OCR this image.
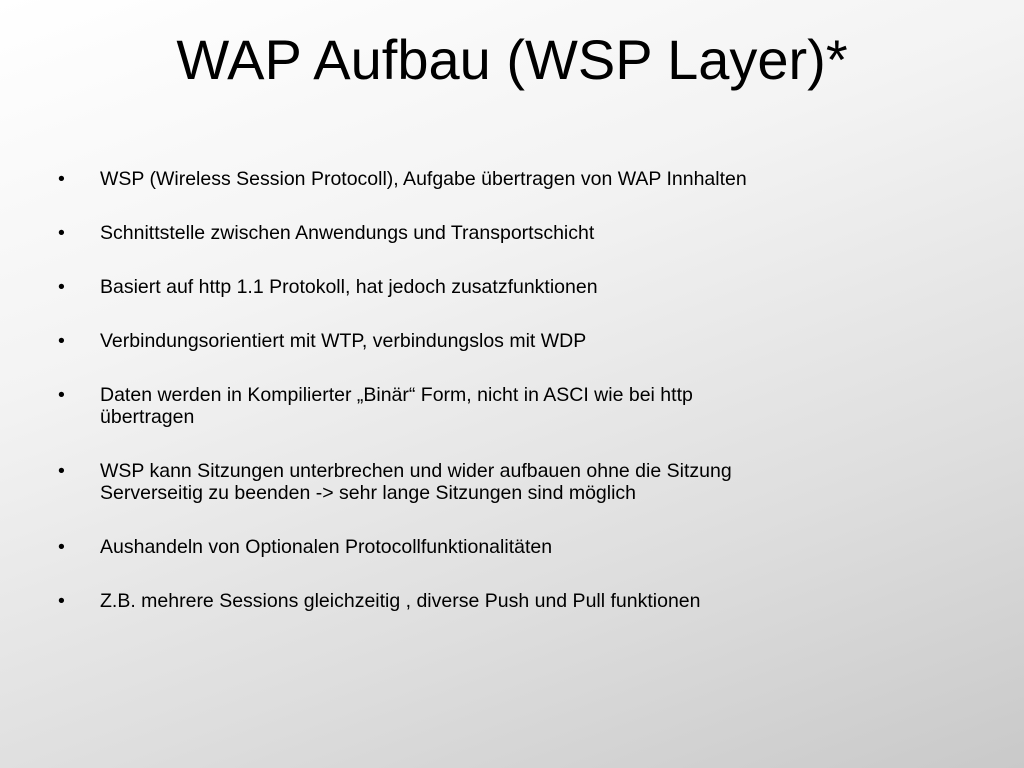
WAP Aufbau (WSP Layer)*
•	WSP (Wireless Session Protocoll), Aufgabe übertragen von WAP Innhalten
•	Schnittstelle zwischen Anwendungs und Transportschicht
•	Basiert auf http 1.1 Protokoll, hat jedoch zusatzfunktionen
•	Verbindungsorientiert mit WTP, verbindungslos mit WDP
•	Daten werden in Kompilierter „Binär“ Form, nicht in ASCI wie bei http übertragen
•	WSP kann Sitzungen unterbrechen und wider aufbauen ohne die Sitzung Serverseitig zu beenden -> sehr lange Sitzungen sind möglich
•	Aushandeln von Optionalen Protocollfunktionalitäten
•	Z.B. mehrere Sessions gleichzeitig , diverse Push und Pull funktionen
